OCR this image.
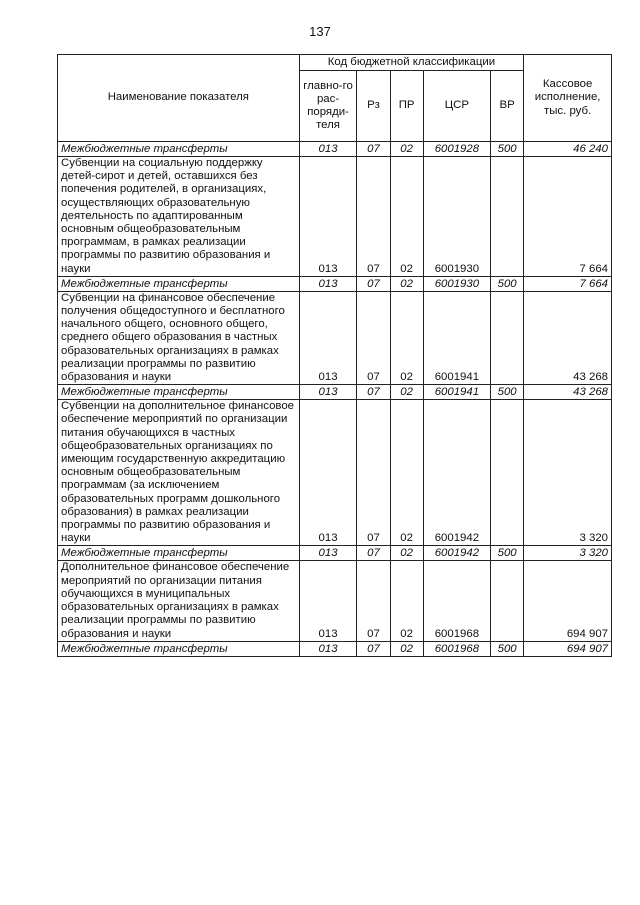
137
Наименование показателя	Код бюджетной классификации					Кассовое исполнение, тыс. руб.
	главно-го рас-поряди-теля	Рз	ПР	ЦСР	ВР	
Межбюджетные трансферты	013	07	02	6001928	500	46 240
Субвенции на социальную поддержку детей-сирот и детей, оставшихся без попечения родителей, в организациях, осуществляющих образовательную деятельность по адаптированным основным общеобразовательным программам, в рамках реализации программы по развитию образования и науки	013	07	02	6001930		7 664
Межбюджетные трансферты	013	07	02	6001930	500	7 664
Субвенции на финансовое обеспечение получения общедоступного и бесплатного начального общего, основного общего, среднего общего образования в частных образовательных организациях в рамках реализации программы по развитию образования и науки	013	07	02	6001941		43 268
Межбюджетные трансферты	013	07	02	6001941	500	43 268
Субвенции на дополнительное финансовое обеспечение мероприятий по организации питания обучающихся в частных общеобразовательных организациях по имеющим государственную аккредитацию основным общеобразовательным программам (за исключением образовательных программ дошкольного образования) в рамках реализации программы по развитию образования и науки	013	07	02	6001942		3 320
Межбюджетные трансферты	013	07	02	6001942	500	3 320
Дополнительное финансовое обеспечение мероприятий по организации питания обучающихся в муниципальных образовательных организациях в рамках реализации программы по развитию образования и науки	013	07	02	6001968		694 907
Межбюджетные трансферты	013	07	02	6001968	500	694 907
